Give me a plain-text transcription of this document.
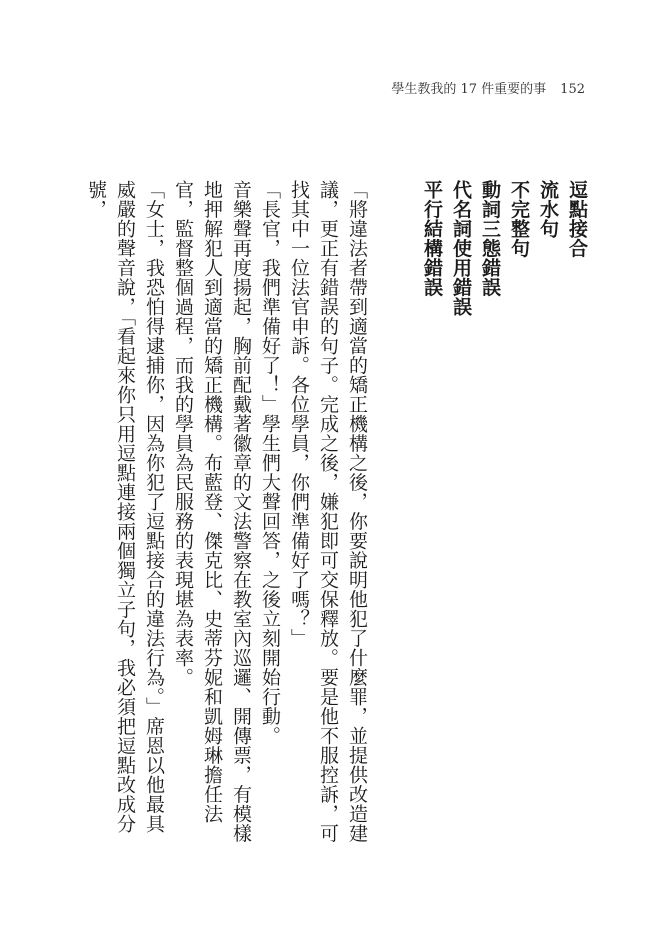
學生教我的 17 件重要的事 152
逗點接合
流水句
不完整句
動詞三態錯誤
代名詞使用錯誤
平行結構錯誤

「將違法者帶到適當的矯正機構之後，你要說明他犯了什麼罪，並提供改造建議，更正有錯誤的句子。完成之後，嫌犯即可交保釋放。要是他不服控訴，可找其中一位法官申訴。各位學員，你們準備好了嗎？」

「長官，我們準備好了！」學生們大聲回答，之後立刻開始行動。

音樂聲再度揚起，胸前配戴著徽章的文法警察在教室內巡邏、開傳票，有模樣地押解犯人到適當的矯正機構。布藍登、傑克比、史蒂芬妮和凱姆琳擔任法官，監督整個過程，而我的學員為民服務的表現堪為表率。

「女士，我恐怕得逮捕你，因為你犯了逗點接合的違法行為。」席恩以他最具威嚴的聲音說，「看起來你只用逗點連接兩個獨立子句，我必須把逗點改成分號，
